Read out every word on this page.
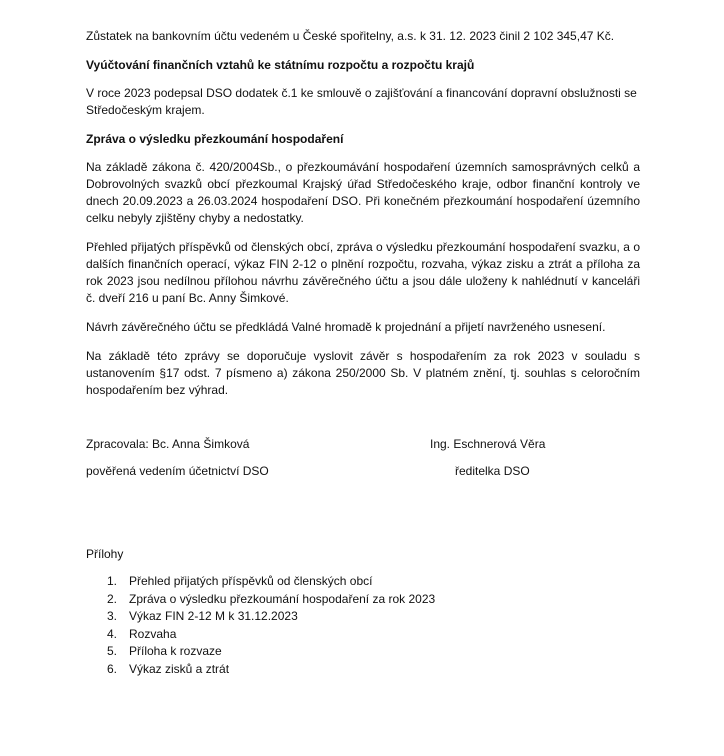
Zůstatek na bankovním účtu vedeném u České spořitelny, a.s. k 31. 12. 2023 činil 2 102 345,47 Kč.

Vyúčtování finančních vztahů ke státnímu rozpočtu a rozpočtu krajů

V roce 2023 podepsal DSO dodatek č.1 ke smlouvě o zajišťování a financování dopravní obslužnosti se Středočeským krajem.

Zpráva o výsledku přezkoumání hospodaření

Na základě zákona č. 420/2004Sb., o přezkoumávání hospodaření územních samosprávných celků a Dobrovolných svazků obcí přezkoumal Krajský úřad Středočeského kraje, odbor finanční kontroly ve dnech 20.09.2023 a 26.03.2024 hospodaření DSO. Při konečném přezkoumání hospodaření územního celku nebyly zjištěny chyby a nedostatky.

Přehled přijatých příspěvků od členských obcí, zpráva o výsledku přezkoumání hospodaření svazku, a o dalších finančních operací, výkaz FIN 2-12 o plnění rozpočtu, rozvaha, výkaz zisku a ztrát a příloha za rok 2023 jsou nedílnou přílohou návrhu závěrečného účtu a jsou dále uloženy k nahlédnutí v kanceláři č. dveří 216 u paní Bc. Anny Šimkové.

Návrh závěrečného účtu se předkládá Valné hromadě k projednání a přijetí navrženého usnesení.

Na základě této zprávy se doporučuje vyslovit závěr s hospodařením za rok 2023 v souladu s ustanovením §17 odst. 7 písmeno a) zákona 250/2000 Sb. V platném znění, tj. souhlas s celoročním hospodařením bez výhrad.

Zpracovala: Bc. Anna Šimková	Ing. Eschnerová Věra
pověřená vedením účetnictví DSO	ředitelka DSO
Přílohy
1. Přehled přijatých příspěvků od členských obcí
2. Zpráva o výsledku přezkoumání hospodaření za rok 2023
3. Výkaz FIN 2-12 M k 31.12.2023
4. Rozvaha
5. Příloha k rozvaze
6. Výkaz zisků a ztrát
